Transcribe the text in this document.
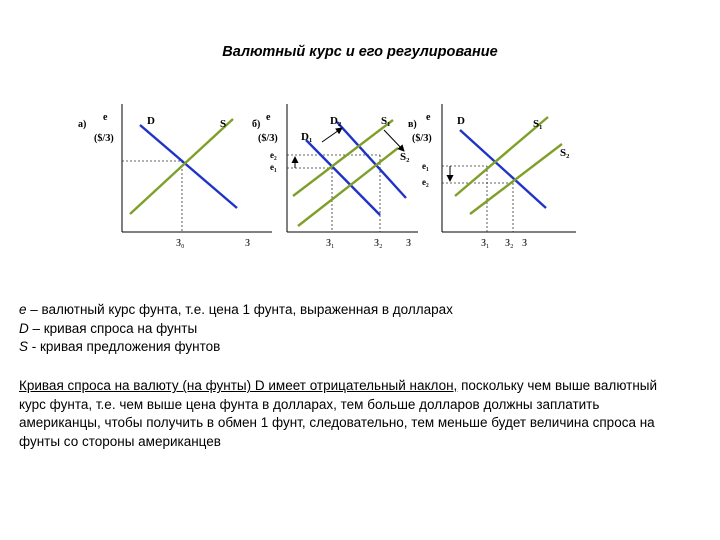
Валютный курс и его регулирование
а)
e
($/З)
D	S
З₀	З
б)
e
($/З)
D₂
D₁
S₁
S₂
e₂
e₁
З₁	З₂ З
в)
e
($/З)
D	S₁
S₂
e₁
e₂
З₁ З₂ З
e – валютный курс фунта, т.е. цена 1 фунта, выраженная в долларах
D – кривая спроса на фунты
S - кривая предложения фунтов
Кривая спроса на валюту (на фунты) D имеет отрицательный наклон, поскольку чем выше валютный курс фунта, т.е. чем выше цена фунта в долларах, тем больше долларов должны заплатить американцы, чтобы получить в обмен 1 фунт, следовательно, тем меньше будет величина спроса на фунты со стороны американцев
